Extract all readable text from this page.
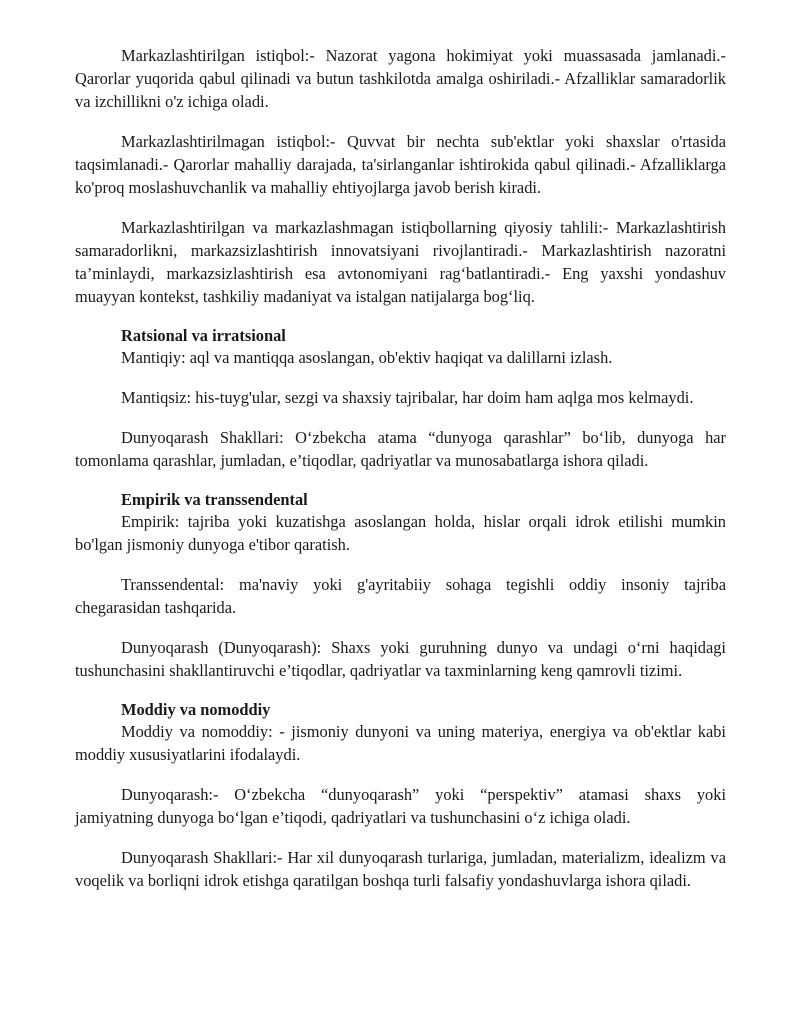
Markazlashtirilgan istiqbol:- Nazorat yagona hokimiyat yoki muassasada jamlanadi.- Qarorlar yuqorida qabul qilinadi va butun tashkilotda amalga oshiriladi.- Afzalliklar samaradorlik va izchillikni o'z ichiga oladi.

Markazlashtirilmagan istiqbol:- Quvvat bir nechta sub'ektlar yoki shaxslar o'rtasida taqsimlanadi.- Qarorlar mahalliy darajada, ta'sirlanganlar ishtirokida qabul qilinadi.- Afzalliklarga ko'proq moslashuvchanlik va mahalliy ehtiyojlarga javob berish kiradi.

Markazlashtirilgan va markazlashmagan istiqbollarning qiyosiy tahlili:- Markazlashtirish samaradorlikni, markazsizlashtirish innovatsiyani rivojlantiradi.- Markazlashtirish nazoratni ta’minlaydi, markazsizlashtirish esa avtonomiyani rag‘batlantiradi.- Eng yaxshi yondashuv muayyan kontekst, tashkiliy madaniyat va istalgan natijalarga bog‘liq.

Ratsional va irratsional

Mantiqiy: aql va mantiqqa asoslangan, ob'ektiv haqiqat va dalillarni izlash.

Mantiqsiz: his-tuyg'ular, sezgi va shaxsiy tajribalar, har doim ham aqlga mos kelmaydi.

Dunyoqarash Shakllari: O‘zbekcha atama “dunyoga qarashlar” bo‘lib, dunyoga har tomonlama qarashlar, jumladan, e’tiqodlar, qadriyatlar va munosabatlarga ishora qiladi.

Empirik va transsendental

Empirik: tajriba yoki kuzatishga asoslangan holda, hislar orqali idrok etilishi mumkin bo'lgan jismoniy dunyoga e'tibor qaratish.

Transsendental: ma'naviy yoki g'ayritabiiy sohaga tegishli oddiy insoniy tajriba chegarasidan tashqarida.

Dunyoqarash (Dunyoqarash): Shaxs yoki guruhning dunyo va undagi o‘rni haqidagi tushunchasini shakllantiruvchi e’tiqodlar, qadriyatlar va taxminlarning keng qamrovli tizimi.

Moddiy va nomoddiy

Moddiy va nomoddiy: - jismoniy dunyoni va uning materiya, energiya va ob'ektlar kabi moddiy xususiyatlarini ifodalaydi.

Dunyoqarash:- O‘zbekcha “dunyoqarash” yoki “perspektiv” atamasi shaxs yoki jamiyatning dunyoga bo‘lgan e’tiqodi, qadriyatlari va tushunchasini o‘z ichiga oladi.

Dunyoqarash Shakllari:- Har xil dunyoqarash turlariga, jumladan, materializm, idealizm va voqelik va borliqni idrok etishga qaratilgan boshqa turli falsafiy yondashuvlarga ishora qiladi.
